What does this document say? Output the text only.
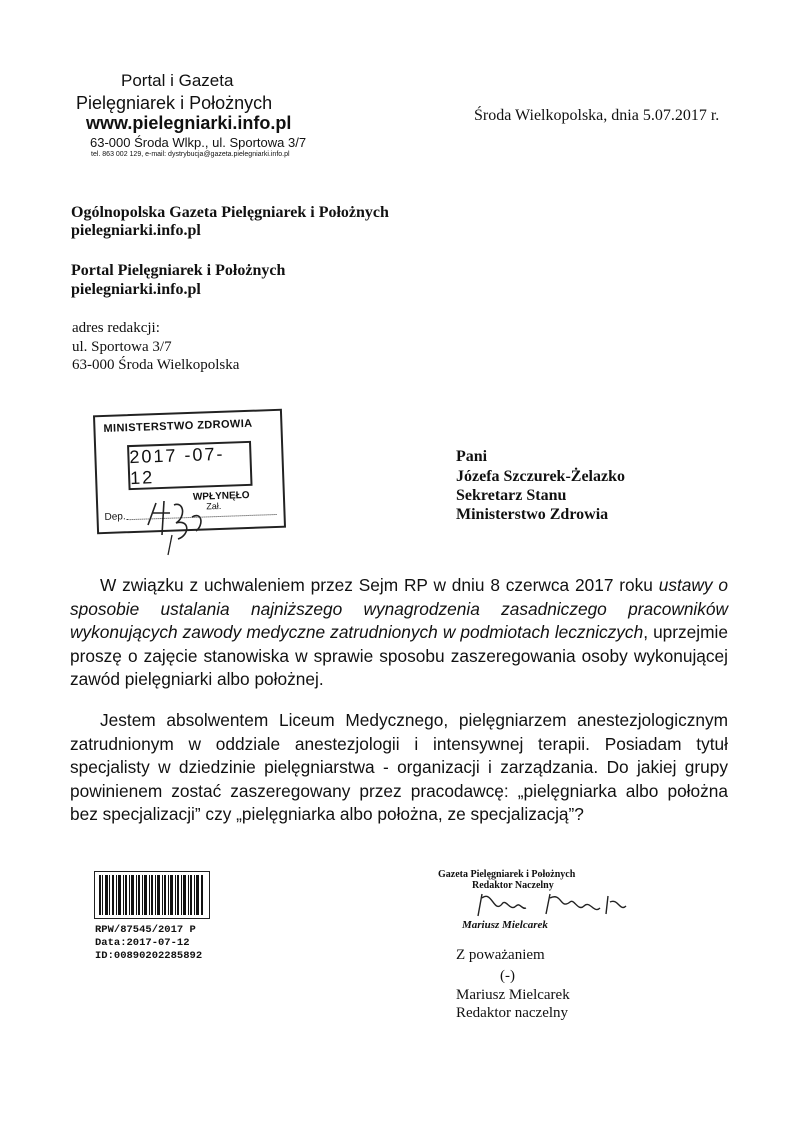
Portal i Gazeta
Pielęgniarek i Położnych
www.pielegniarki.info.pl
63-000 Środa Wlkp., ul. Sportowa 3/7
tel. 863 002 129, e-mail: dystrybucja@gazeta.pielegniarki.info.pl
Środa Wielkopolska, dnia 5.07.2017 r.
Ogólnopolska Gazeta Pielęgniarek i Położnych
pielegniarki.info.pl
Portal Pielęgniarek i Położnych
pielegniarki.info.pl
adres redakcji:
ul. Sportowa 3/7
63-000 Środa Wielkopolska
MINISTERSTWO ZDROWIA
2017 -07- 12
WPŁYNĘŁO
Dep.
Zał.
Pani
Józefa Szczurek-Żelazko
Sekretarz Stanu
Ministerstwo Zdrowia

W związku z uchwaleniem przez Sejm RP w dniu 8 czerwca 2017 roku ustawy o sposobie ustalania najniższego wynagrodzenia zasadniczego pracowników wykonujących zawody medyczne zatrudnionych w podmiotach leczniczych, uprzejmie proszę o zajęcie stanowiska w sprawie sposobu zaszeregowania osoby wykonującej zawód pielęgniarki albo położnej.

Jestem absolwentem Liceum Medycznego, pielęgniarzem anestezjologicznym zatrudnionym w oddziale anestezjologii i intensywnej terapii. Posiadam tytuł specjalisty w dziedzinie pielęgniarstwa - organizacji i zarządzania. Do jakiej grupy powinienem zostać zaszeregowany przez pracodawcę: „pielęgniarka albo położna bez specjalizacji” czy „pielęgniarka albo położna, ze specjalizacją”?

RPW/87545/2017 P
Data:2017-07-12
ID:00890202285892
Gazeta Pielęgniarek i Położnych
Redaktor Naczelny
Mariusz Mielcarek
Z poważaniem
(-)
Mariusz Mielcarek
Redaktor naczelny
